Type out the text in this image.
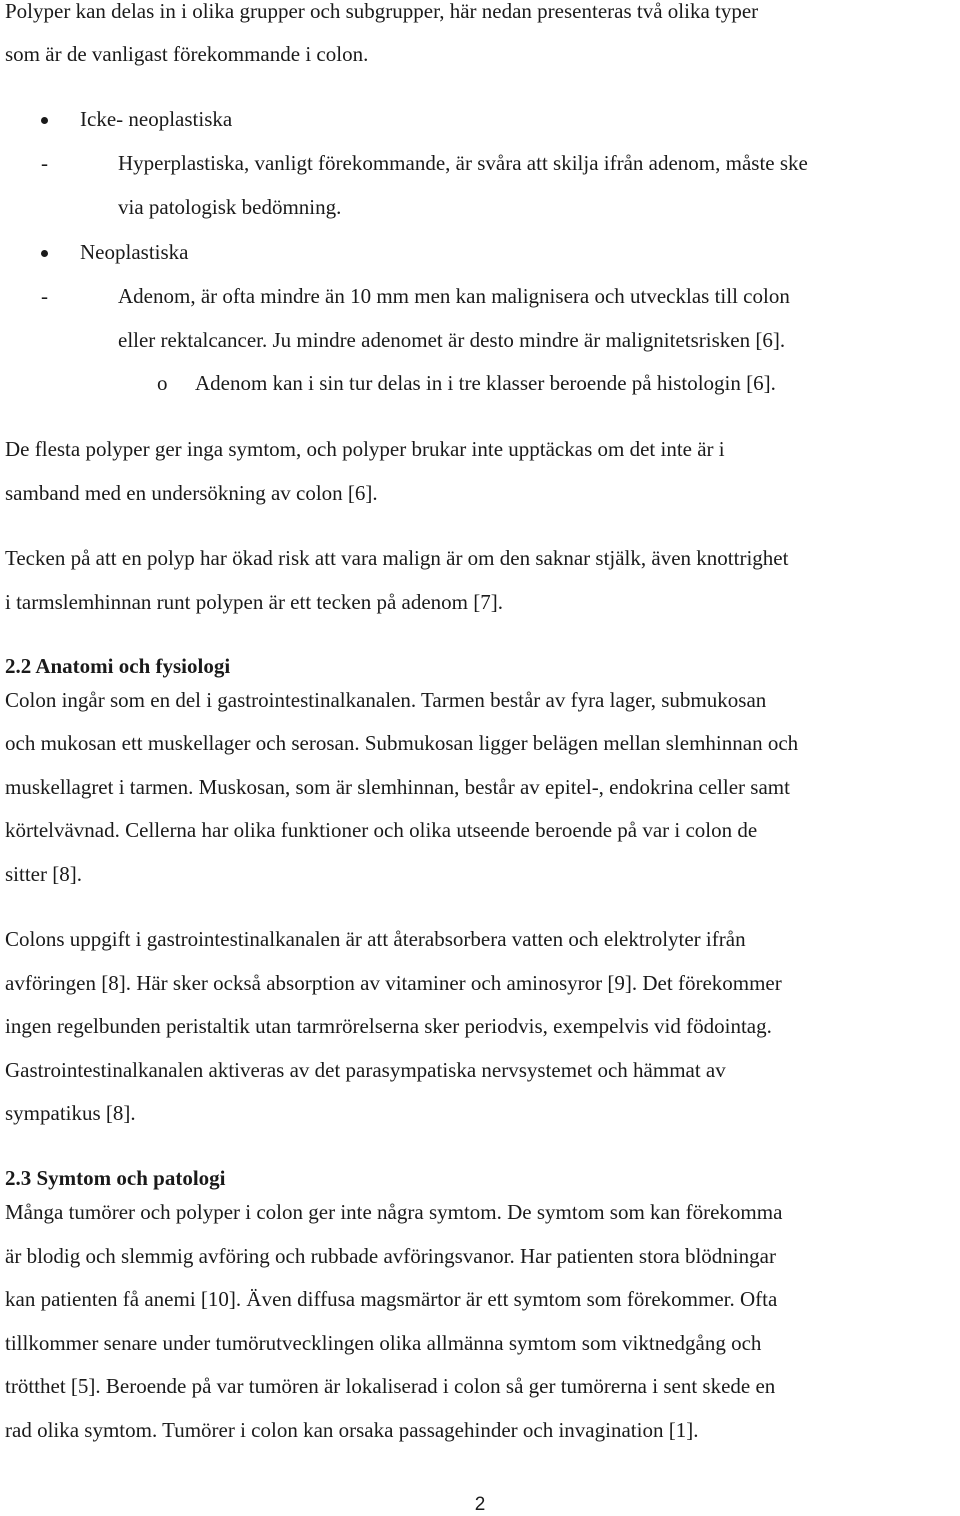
Polyper kan delas in i olika grupper och subgrupper, här nedan presenteras två olika typer
som är de vanligast förekommande i colon.
Icke- neoplastiska
-	Hyperplastiska, vanligt förekommande, är svåra att skilja ifrån adenom, måste ske
via patologisk bedömning.
Neoplastiska
-	Adenom, är ofta mindre än 10 mm men kan malignisera och utvecklas till colon
eller rektalcancer. Ju mindre adenomet är desto mindre är malignitetsrisken [6].
o Adenom kan i sin tur delas in i tre klasser beroende på histologin [6].
De flesta polyper ger inga symtom, och polyper brukar inte upptäckas om det inte är i
samband med en undersökning av colon [6].
Tecken på att en polyp har ökad risk att vara malign är om den saknar stjälk, även knottrighet
i tarmslemhinnan runt polypen är ett tecken på adenom [7].
2.2 Anatomi och fysiologi
Colon ingår som en del i gastrointestinalkanalen. Tarmen består av fyra lager, submukosan
och mukosan ett muskellager och serosan. Submukosan ligger belägen mellan slemhinnan och
muskellagret i tarmen. Muskosan, som är slemhinnan, består av epitel-, endokrina celler samt
körtelvävnad. Cellerna har olika funktioner och olika utseende beroende på var i colon de
sitter [8].
Colons uppgift i gastrointestinalkanalen är att återabsorbera vatten och elektrolyter ifrån
avföringen [8]. Här sker också absorption av vitaminer och aminosyror [9]. Det förekommer
ingen regelbunden peristaltik utan tarmrörelserna sker periodvis, exempelvis vid födointag.
Gastrointestinalkanalen aktiveras av det parasympatiska nervsystemet och hämmat av
sympatikus [8].
2.3 Symtom och patologi
Många tumörer och polyper i colon ger inte några symtom. De symtom som kan förekomma
är blodig och slemmig avföring och rubbade avföringsvanor. Har patienten stora blödningar
kan patienten få anemi [10]. Även diffusa magsmärtor är ett symtom som förekommer. Ofta
tillkommer senare under tumörutvecklingen olika allmänna symtom som viktnedgång och
trötthet [5]. Beroende på var tumören är lokaliserad i colon så ger tumörerna i sent skede en
rad olika symtom. Tumörer i colon kan orsaka passagehinder och invagination [1].
2
